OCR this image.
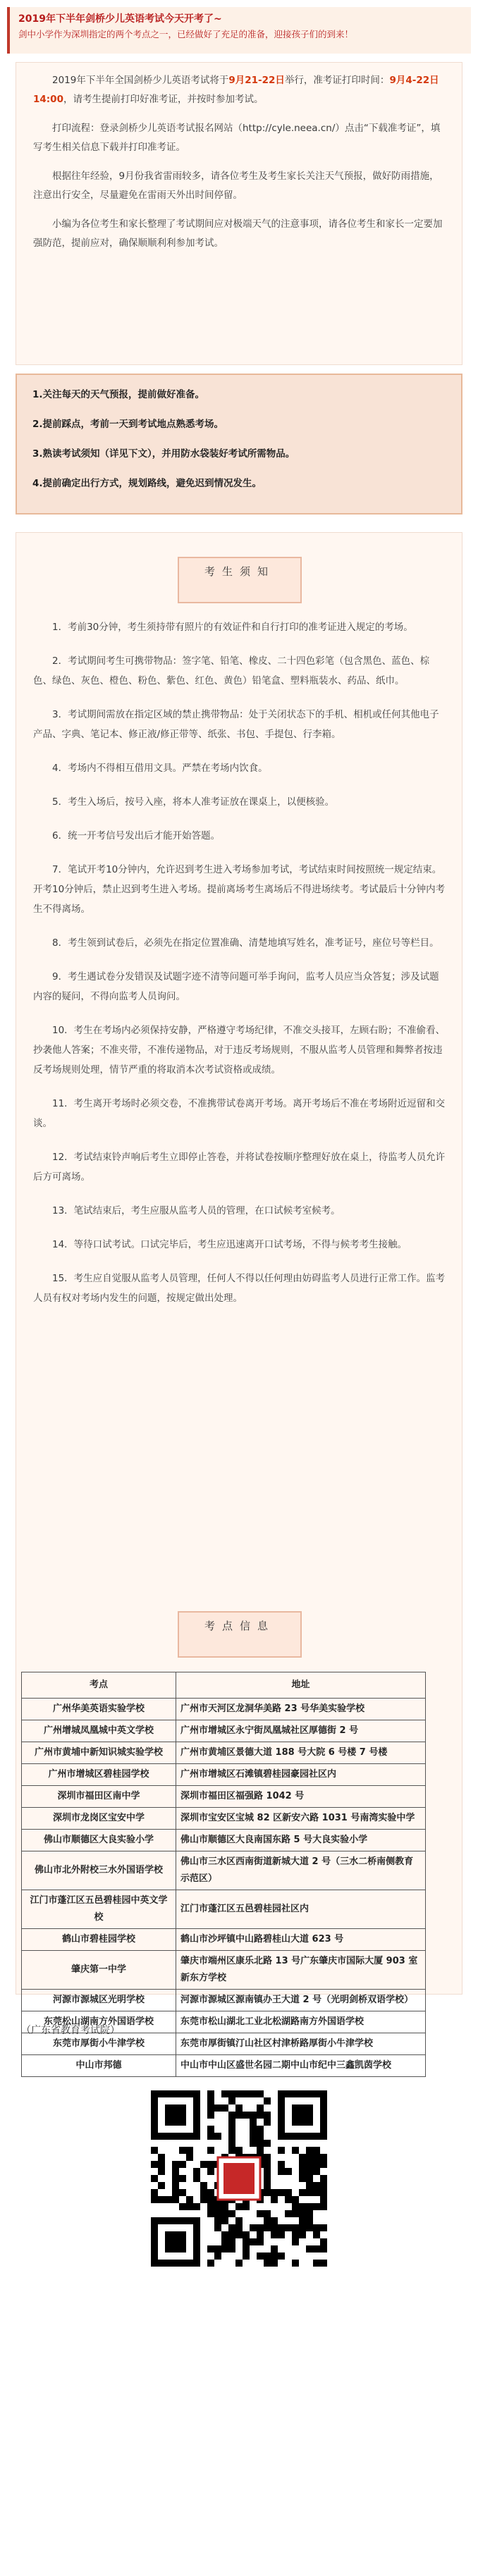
2019年下半年剑桥少儿英语考试今天开考了~
剑中小学作为深圳指定的两个考点之一，已经做好了充足的准备，迎接孩子们的到来！

2019年下半年全国剑桥少儿英语考试将于9月21-22日举行，准考证打印时间：9月4-22日14:00，请考生提前打印好准考证，并按时参加考试。

打印流程：登录剑桥少儿英语考试报名网站（http://cyle.neea.cn/）点击“下载准考证”，填写考生相关信息下载并打印准考证。

根据往年经验，9月份我省雷雨较多，请各位考生及考生家长关注天气预报，做好防雨措施，注意出行安全，尽量避免在雷雨天外出时间停留。

小编为各位考生和家长整理了考试期间应对极端天气的注意事项，请各位考生和家长一定要加强防范，提前应对，确保顺顺利利参加考试。

1.关注每天的天气预报，提前做好准备。
2.提前踩点，考前一天到考试地点熟悉考场。
3.熟读考试须知（详见下文），并用防水袋装好考试所需物品。
4.提前确定出行方式，规划路线，避免迟到情况发生。
考生须知

1．考前30分钟，考生须持带有照片的有效证件和自行打印的准考证进入规定的考场。

2．考试期间考生可携带物品：签字笔、铅笔、橡皮、二十四色彩笔（包含黑色、蓝色、棕色、绿色、灰色、橙色、粉色、紫色、红色、黄色）铅笔盒、塑料瓶装水、药品、纸巾。

3．考试期间需放在指定区域的禁止携带物品：处于关闭状态下的手机、相机或任何其他电子产品、字典、笔记本、修正液/修正带等、纸张、书包、手提包、行李箱。

4．考场内不得相互借用文具。严禁在考场内饮食。

5．考生入场后，按号入座，将本人准考证放在课桌上，以便核验。

6．统一开考信号发出后才能开始答题。

7．笔试开考10分钟内，允许迟到考生进入考场参加考试，考试结束时间按照统一规定结束。开考10分钟后，禁止迟到考生进入考场。提前离场考生离场后不得进场续考。考试最后十分钟内考生不得离场。

8．考生领到试卷后，必须先在指定位置准确、清楚地填写姓名，准考证号，座位号等栏目。

9．考生遇试卷分发错误及试题字迹不清等问题可举手询问，监考人员应当众答复；涉及试题内容的疑问，不得向监考人员询问。

10．考生在考场内必须保持安静，严格遵守考场纪律，不准交头接耳，左顾右盼；不准偷看、抄袭他人答案；不准夹带，不准传递物品，对于违反考场规则，不服从监考人员管理和舞弊者按违反考场规则处理，情节严重的将取消本次考试资格或成绩。

11．考生离开考场时必须交卷，不准携带试卷离开考场。离开考场后不准在考场附近逗留和交谈。

12．考试结束铃声响后考生立即停止答卷，并将试卷按顺序整理好放在桌上，待监考人员允许后方可离场。

13．笔试结束后，考生应服从监考人员的管理，在口试候考室候考。

14．等待口试考试。口试完毕后，考生应迅速离开口试考场，不得与候考考生接触。

15．考生应自觉服从监考人员管理，任何人不得以任何理由妨碍监考人员进行正常工作。监考人员有权对考场内发生的问题，按规定做出处理。

考点信息
考点	地址
广州华美英语实验学校	广州市天河区龙洞华美路 23 号华美实验学校
广州增城凤凰城中英文学校	广州市增城区永宁街凤凰城社区厚德街 2 号
广州市黄埔中新知识城实验学校	广州市黄埔区景德大道 188 号大院 6 号楼 7 号楼
广州市增城区碧桂园学校	广州市增城区石滩镇碧桂园豪园社区内
深圳市福田区南中学	深圳市福田区福强路 1042 号
深圳市龙岗区宝安中学	深圳市宝安区宝城 82 区新安六路 1031 号南湾实验中学
佛山市顺德区大良实验小学	佛山市顺德区大良南国东路 5 号大良实验小学
佛山市北外附校三水外国语学校	佛山市三水区西南街道新城大道 2 号（三水二桥南侧教育示范区）
江门市蓬江区五邑碧桂园中英文学校	江门市蓬江区五邑碧桂园社区内
鹤山市碧桂园学校	鹤山市沙坪镇中山路碧桂山大道 623 号
肇庆第一中学	肇庆市端州区康乐北路 13 号广东肇庆市国际大厦 903 室新东方学校
河源市源城区光明学校	河源市源城区源南镇办王大道 2 号（光明剑桥双语学校）
东莞松山湖南方外国语学校	东莞市松山湖北工业北松湖路南方外国语学校
东莞市厚街小牛津学校	东莞市厚街镇汀山社区村津桥路厚街小牛津学校
中山市邦德	中山市中山区盛世名园二期中山市纪中三鑫凯茵学校
（广东省教育考试院）
